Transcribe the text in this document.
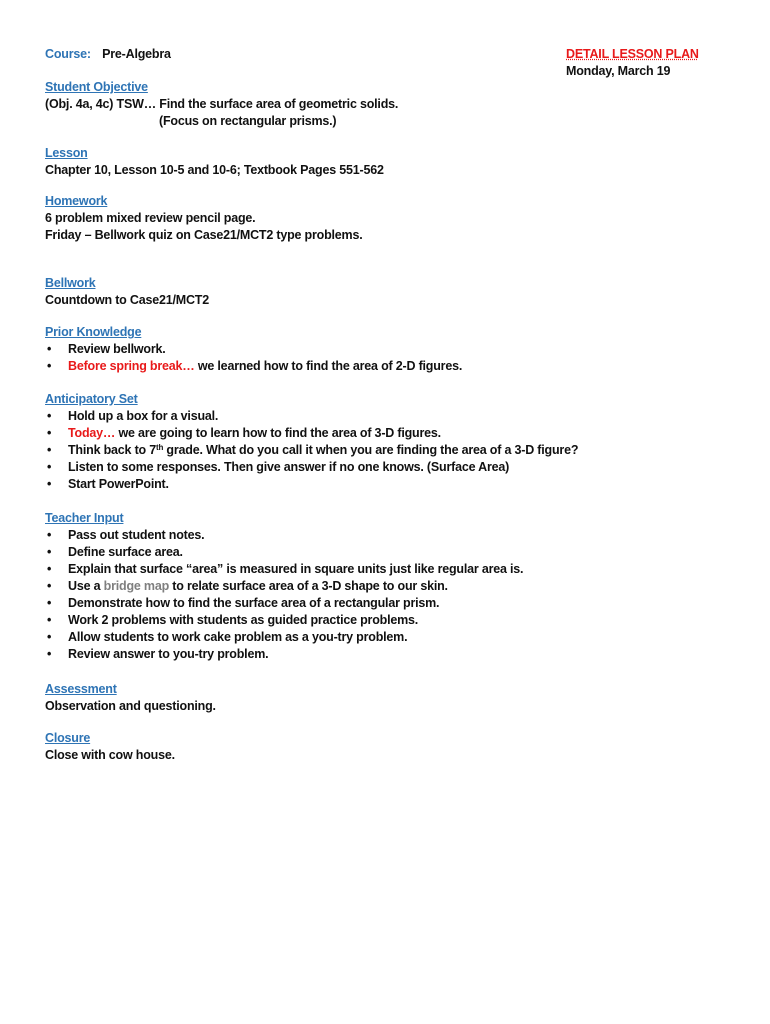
Course: Pre-Algebra	DETAIL LESSON PLAN
Monday, March 19
Student Objective
(Obj. 4a, 4c) TSW… Find the surface area of geometric solids.
(Focus on rectangular prisms.)
Lesson
Chapter 10, Lesson 10-5 and 10-6; Textbook Pages 551-562
Homework
6 problem mixed review pencil page.
Friday – Bellwork quiz on Case21/MCT2 type problems.
Bellwork
Countdown to Case21/MCT2
Prior Knowledge
• Review bellwork.
• Before spring break… we learned how to find the area of 2-D figures.
Anticipatory Set
• Hold up a box for a visual.
• Today… we are going to learn how to find the area of 3-D figures.
• Think back to 7th grade. What do you call it when you are finding the area of a 3-D figure?
• Listen to some responses. Then give answer if no one knows. (Surface Area)
• Start PowerPoint.
Teacher Input
• Pass out student notes.
• Define surface area.
• Explain that surface “area” is measured in square units just like regular area is.
• Use a bridge map to relate surface area of a 3-D shape to our skin.
• Demonstrate how to find the surface area of a rectangular prism.
• Work 2 problems with students as guided practice problems.
• Allow students to work cake problem as a you-try problem.
• Review answer to you-try problem.
Assessment
Observation and questioning.
Closure
Close with cow house.
